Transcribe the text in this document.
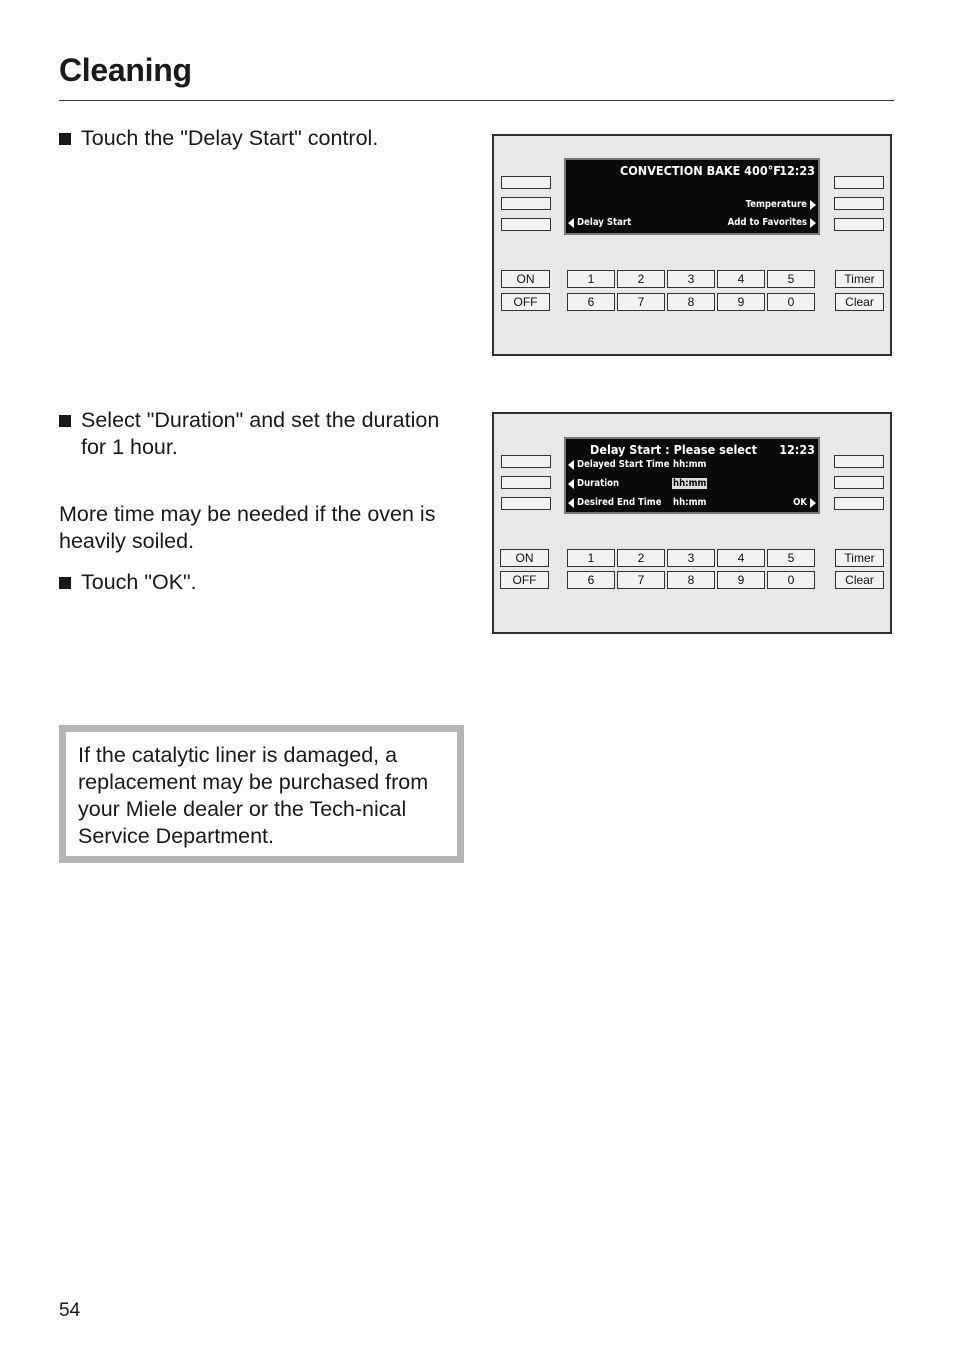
Cleaning
Touch the "Delay Start" control.
CONVECTION BAKE 400°F
12:23
Temperature
Delay Start	Add to Favorites
ON
OFF
1	2	3	4	5
6	7	8	9	0
Timer
Clear
Select "Duration" and set the duration for 1 hour.
More time may be needed if the oven is heavily soiled.
Touch "OK".
Delay Start : Please select 12:23
Delayed Start Time hh:mm
Duration	hh:mm
Desired End Time hh:mm	OK
ON
OFF
1	2	3	4	5
6	7	8	9	0
Timer
Clear
If the catalytic liner is damaged, a replacement may be purchased from your Miele dealer or the Tech-nical Service Department.
54
